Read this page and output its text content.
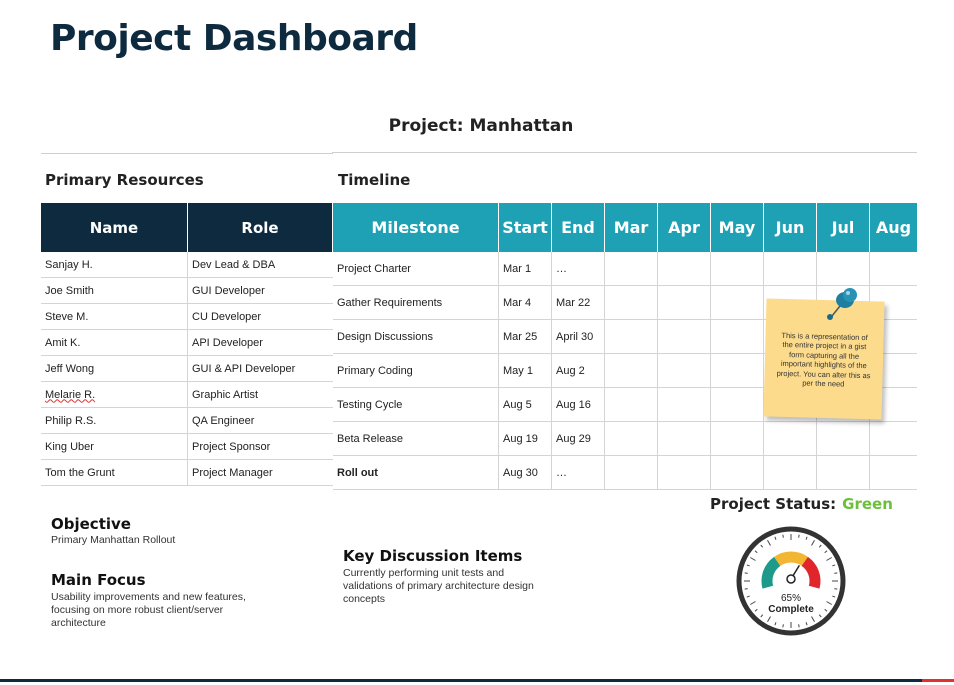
Project Dashboard
Project: Manhattan
Primary Resources	Timeline
Name	Role
Sanjay H.	Dev Lead & DBA
Joe Smith	GUI Developer
Steve M.	CU Developer
Amit K.	API Developer
Jeff Wong	GUI & API Developer
Melarie R.	Graphic Artist
Philip R.S.	QA Engineer
King Uber	Project Sponsor
Tom the Grunt	Project Manager
Milestone	Start	End	Mar	Apr	May	Jun	Jul	Aug
Project Charter	Mar 1	…						
Gather Requirements	Mar 4	Mar 22						
Design Discussions	Mar 25	April 30						
Primary Coding	May 1	Aug 2						
Testing Cycle	Aug 5	Aug 16						
Beta Release	Aug 19	Aug 29						
Roll out	Aug 30	…						
This is a representation of the entire project in a gist form capturing all the important highlights of the project. You can alter this as per the need
Objective
Primary Manhattan Rollout
Main Focus
Usability improvements and new features, focusing on more robust client/server architecture
Key Discussion Items
Currently performing unit tests and validations of primary architecture design concepts
Project Status: Green
65%
Complete
